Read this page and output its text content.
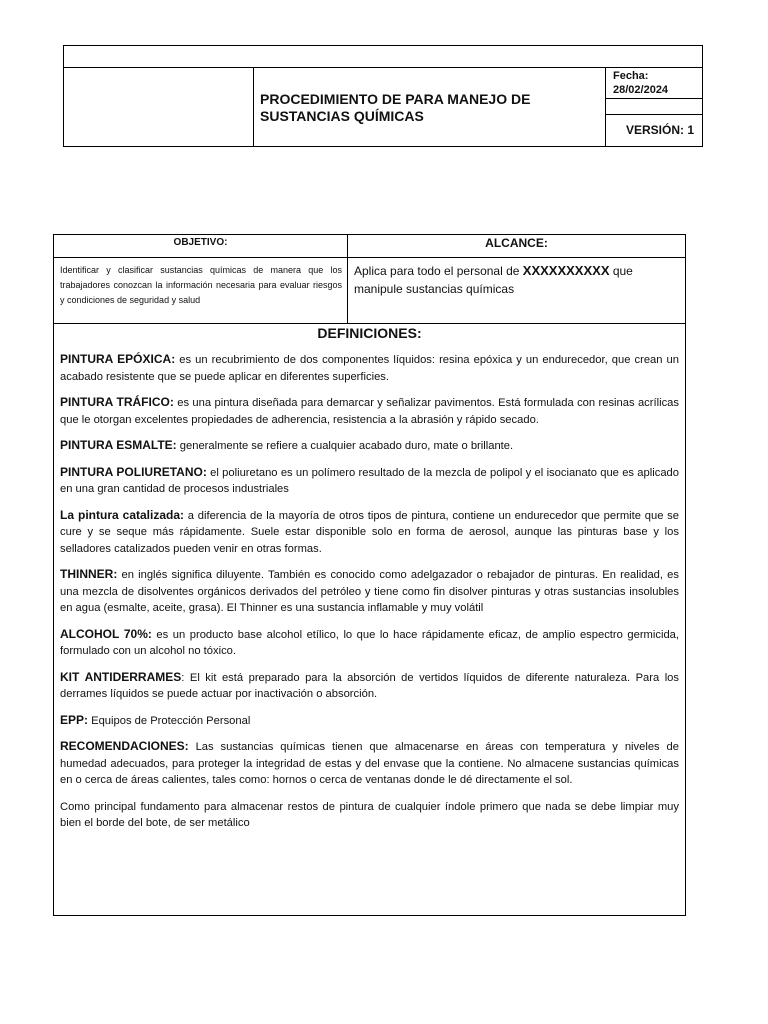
PROCEDIMIENTO DE PARA MANEJO DE SUSTANCIAS QUÍMICAS
Fecha:
28/02/2024
VERSIÓN: 1
OBJETIVO:	ALCANCE:
Identificar y clasificar sustancias químicas de manera que los trabajadores conozcan la información necesaria para evaluar riesgos y condiciones de seguridad y salud
Aplica para todo el personal de XXXXXXXXXX que manipule sustancias químicas
DEFINICIONES:

PINTURA EPÓXICA: es un recubrimiento de dos componentes líquidos: resina epóxica y un endurecedor, que crean un acabado resistente que se puede aplicar en diferentes superficies.

PINTURA TRÁFICO: es una pintura diseñada para demarcar y señalizar pavimentos. Está formulada con resinas acrílicas que le otorgan excelentes propiedades de adherencia, resistencia a la abrasión y rápido secado.

PINTURA ESMALTE: generalmente se refiere a cualquier acabado duro, mate o brillante.

PINTURA POLIURETANO: el poliuretano es un polímero resultado de la mezcla de polipol y el isocianato que es aplicado en una gran cantidad de procesos industriales

La pintura catalizada: a diferencia de la mayoría de otros tipos de pintura, contiene un endurecedor que permite que se cure y se seque más rápidamente. Suele estar disponible solo en forma de aerosol, aunque las pinturas base y los selladores catalizados pueden venir en otras formas.

THINNER: en inglés significa diluyente. También es conocido como adelgazador o rebajador de pinturas. En realidad, es una mezcla de disolventes orgánicos derivados del petróleo y tiene como fin disolver pinturas y otras sustancias insolubles en agua (esmalte, aceite, grasa). El Thinner es una sustancia inflamable y muy volátil

ALCOHOL 70%: es un producto base alcohol etílico, lo que lo hace rápidamente eficaz, de amplio espectro germicida, formulado con un alcohol no tóxico.

KIT ANTIDERRAMES: El kit está preparado para la absorción de vertidos líquidos de diferente naturaleza. Para los derrames líquidos se puede actuar por inactivación o absorción.

EPP: Equipos de Protección Personal

RECOMENDACIONES: Las sustancias químicas tienen que almacenarse en áreas con temperatura y niveles de humedad adecuados, para proteger la integridad de estas y del envase que la contiene. No almacene sustancias químicas en o cerca de áreas calientes, tales como: hornos o cerca de ventanas donde le dé directamente el sol.

Como principal fundamento para almacenar restos de pintura de cualquier índole primero que nada se debe limpiar muy bien el borde del bote, de ser metálico
